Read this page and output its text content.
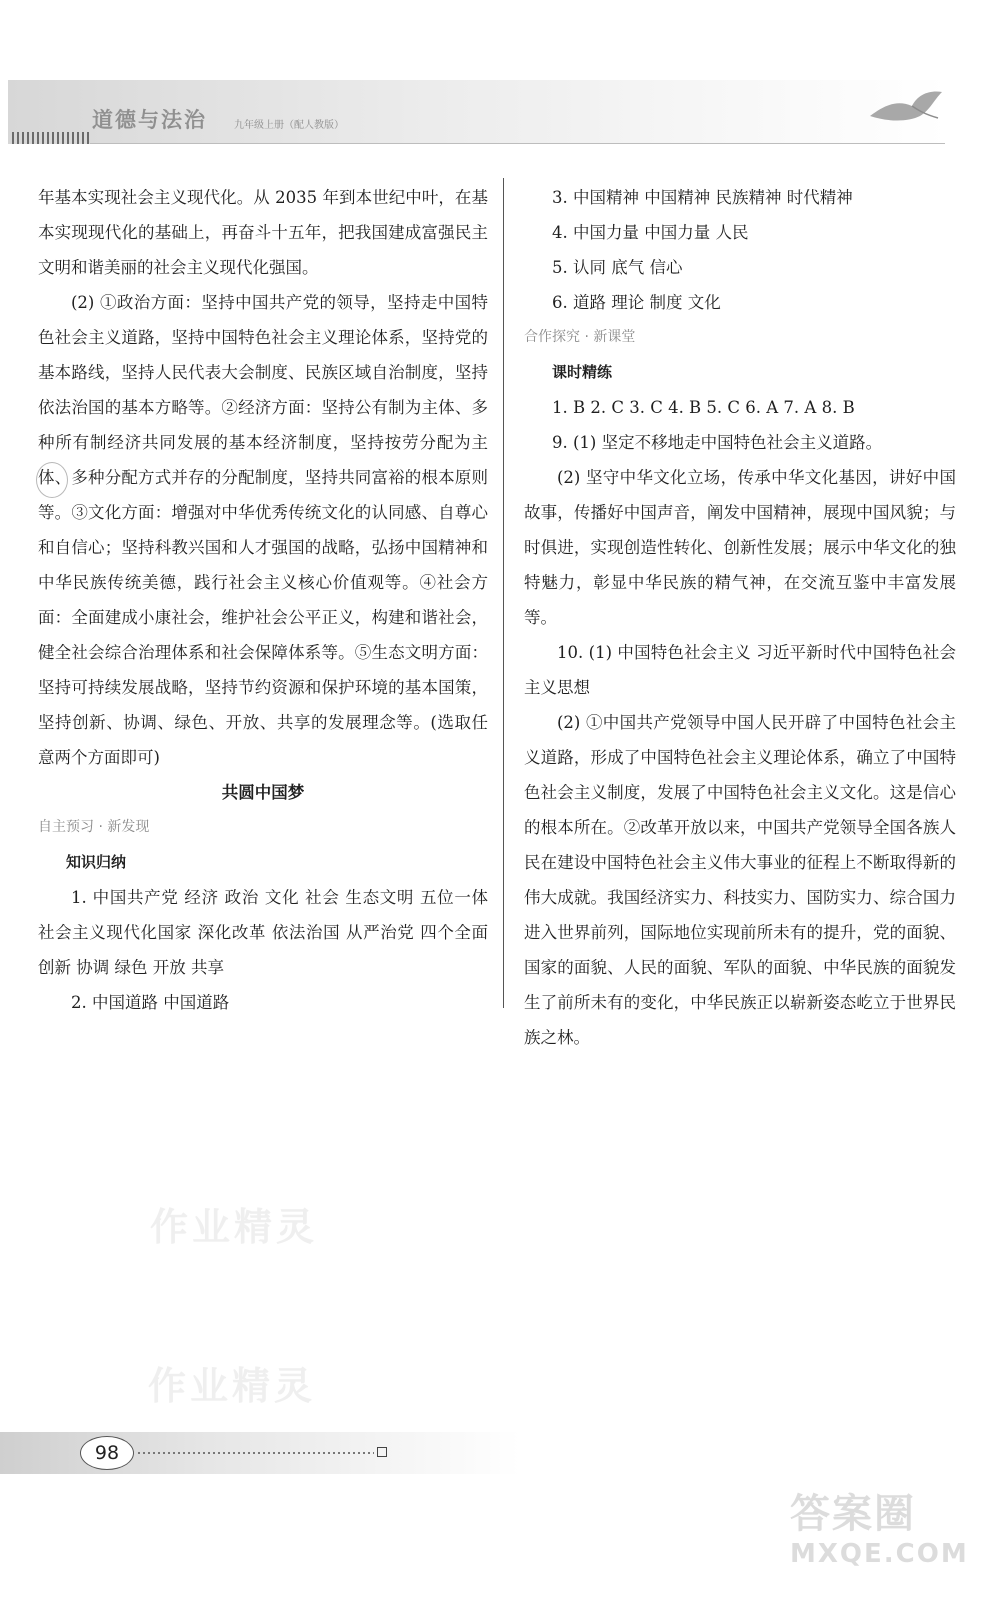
道德与法治	九年级上册（配人教版）

年基本实现社会主义现代化。从 2035 年到本世纪中叶，在基本实现现代化的基础上，再奋斗十五年，把我国建成富强民主文明和谐美丽的社会主义现代化强国。

(2) ①政治方面：坚持中国共产党的领导，坚持走中国特色社会主义道路，坚持中国特色社会主义理论体系，坚持党的基本路线，坚持人民代表大会制度、民族区域自治制度，坚持依法治国的基本方略等。②经济方面：坚持公有制为主体、多种所有制经济共同发展的基本经济制度，坚持按劳分配为主体、多种分配方式并存的分配制度，坚持共同富裕的根本原则等。③文化方面：增强对中华优秀传统文化的认同感、自尊心和自信心；坚持科教兴国和人才强国的战略，弘扬中国精神和中华民族传统美德，践行社会主义核心价值观等。④社会方面：全面建成小康社会，维护社会公平正义，构建和谐社会，健全社会综合治理体系和社会保障体系等。⑤生态文明方面：坚持可持续发展战略，坚持节约资源和保护环境的基本国策，坚持创新、协调、绿色、开放、共享的发展理念等。(选取任意两个方面即可)

共圆中国梦

自主预习 · 新发现

知识归纳

1. 中国共产党 经济 政治 文化 社会 生态文明 五位一体 社会主义现代化国家 深化改革 依法治国 从严治党 四个全面 创新 协调 绿色 开放 共享

2. 中国道路 中国道路

3. 中国精神 中国精神 民族精神 时代精神

4. 中国力量 中国力量 人民

5. 认同 底气 信心

6. 道路 理论 制度 文化

合作探究 · 新课堂

课时精练

1. B 2. C 3. C 4. B 5. C 6. A 7. A 8. B

9. (1) 坚定不移地走中国特色社会主义道路。

(2) 坚守中华文化立场，传承中华文化基因，讲好中国故事，传播好中国声音，阐发中国精神，展现中国风貌；与时俱进，实现创造性转化、创新性发展；展示中华文化的独特魅力，彰显中华民族的精气神，在交流互鉴中丰富发展等。

10. (1) 中国特色社会主义 习近平新时代中国特色社会主义思想

(2) ①中国共产党领导中国人民开辟了中国特色社会主义道路，形成了中国特色社会主义理论体系，确立了中国特色社会主义制度，发展了中国特色社会主义文化。这是信心的根本所在。②改革开放以来，中国共产党领导全国各族人民在建设中国特色社会主义伟大事业的征程上不断取得新的伟大成就。我国经济实力、科技实力、国防实力、综合国力进入世界前列，国际地位实现前所未有的提升，党的面貌、国家的面貌、人民的面貌、军队的面貌、中华民族的面貌发生了前所未有的变化，中华民族正以崭新姿态屹立于世界民族之林。

作业精灵
作业精灵
98
答案圈
MXQE.COM
